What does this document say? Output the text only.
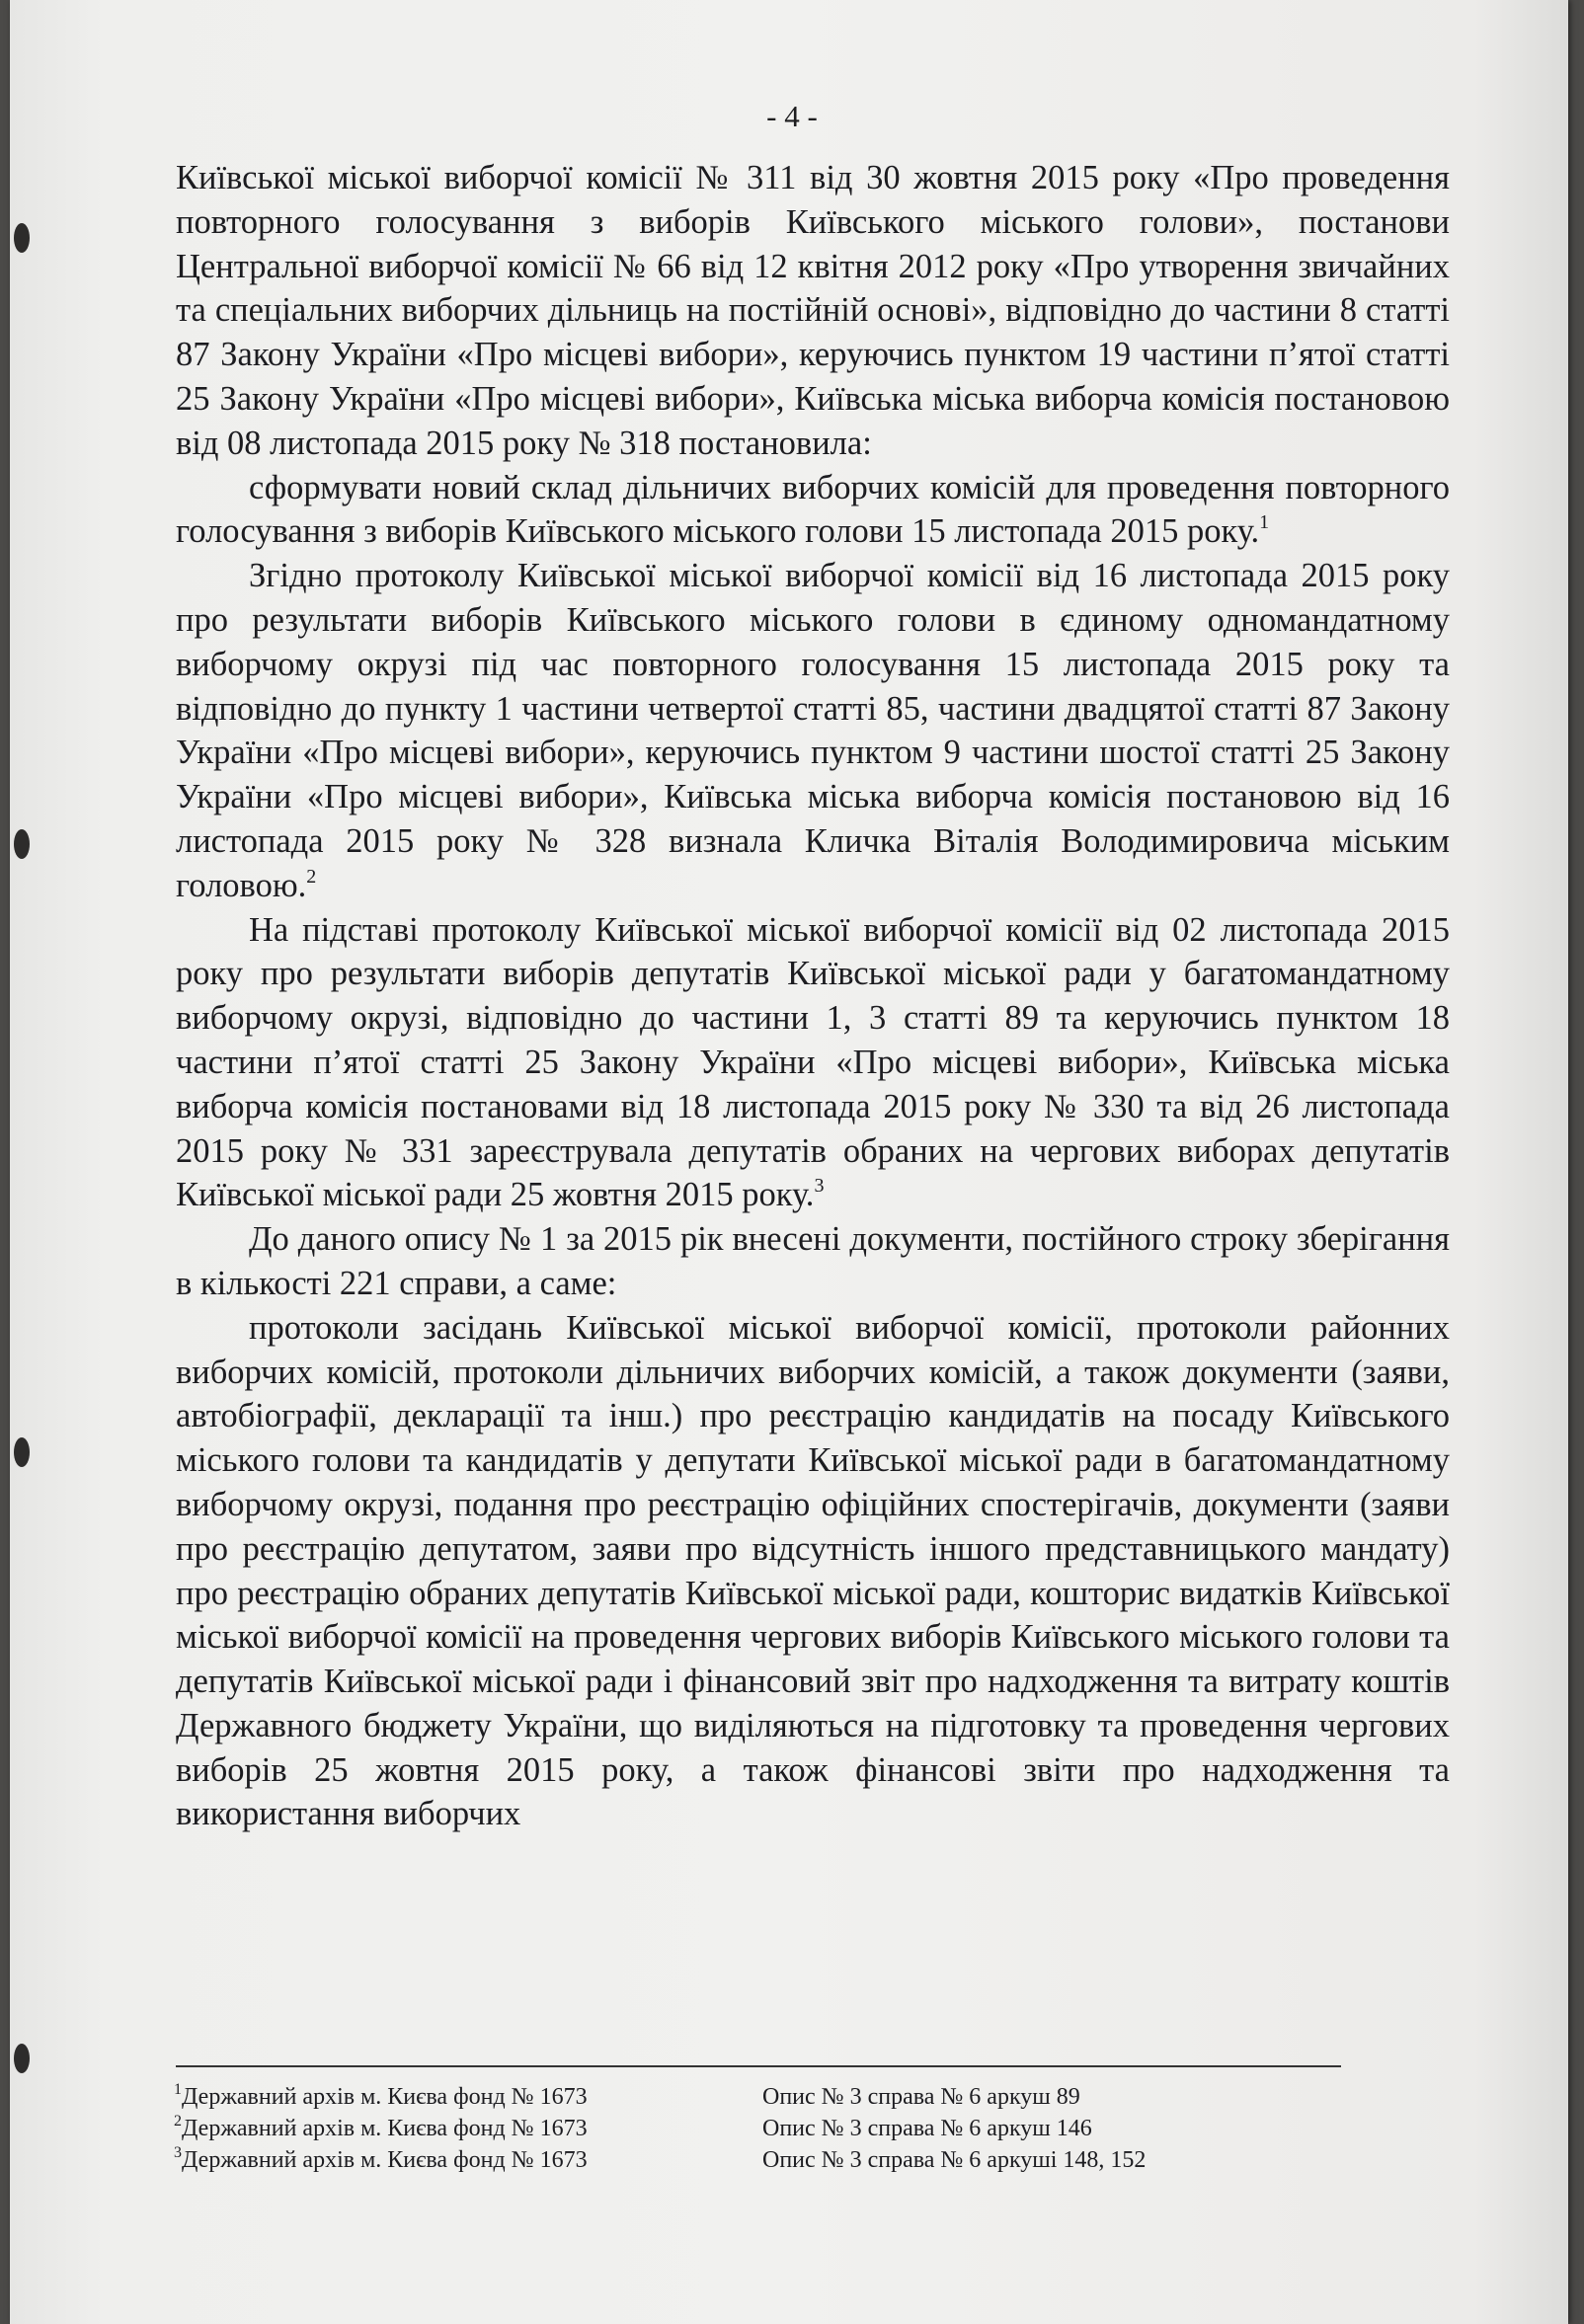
- 4 -

Київської міської виборчої комісії № 311 від 30 жовтня 2015 року «Про проведення повторного голосування з виборів Київського міського голови», постанови Центральної виборчої комісії № 66 від 12 квітня 2012 року «Про утворення звичайних та спеціальних виборчих дільниць на постійній основі», відповідно до частини 8 статті 87 Закону України «Про місцеві вибори», керуючись пунктом 19 частини п’ятої статті 25 Закону України «Про місцеві вибори», Київська міська виборча комісія постановою від 08 листопада 2015 року № 318 постановила:

сформувати новий склад дільничих виборчих комісій для проведення повторного голосування з виборів Київського міського голови 15 листопада 2015 року.$^1$

Згідно протоколу Київської міської виборчої комісії від 16 листопада 2015 року про результати виборів Київського міського голови в єдиному одномандатному виборчому окрузі під час повторного голосування 15 листопада 2015 року та відповідно до пункту 1 частини четвертої статті 85, частини двадцятої статті 87 Закону України «Про місцеві вибори», керуючись пунктом 9 частини шостої статті 25 Закону України «Про місцеві вибори», Київська міська виборча комісія постановою від 16 листопада 2015 року № 328 визнала Кличка Віталія Володимировича міським головою.$^2$

На підставі протоколу Київської міської виборчої комісії від 02 листопада 2015 року про результати виборів депутатів Київської міської ради у багатомандатному виборчому окрузі, відповідно до частини 1, 3 статті 89 та керуючись пунктом 18 частини п’ятої статті 25 Закону України «Про місцеві вибори», Київська міська виборча комісія постановами від 18 листопада 2015 року № 330 та від 26 листопада 2015 року № 331 зареєструвала депутатів обраних на чергових виборах депутатів Київської міської ради 25 жовтня 2015 року.$^3$

До даного опису № 1 за 2015 рік внесені документи, постійного строку зберігання в кількості 221 справи, а саме:

протоколи засідань Київської міської виборчої комісії, протоколи районних виборчих комісій, протоколи дільничих виборчих комісій, а також документи (заяви, автобіографії, декларації та інш.) про реєстрацію кандидатів на посаду Київського міського голови та кандидатів у депутати Київської міської ради в багатомандатному виборчому окрузі, подання про реєстрацію офіційних спостерігачів, документи (заяви про реєстрацію депутатом, заяви про відсутність іншого представницького мандату) про реєстрацію обраних депутатів Київської міської ради, кошторис видатків Київської міської виборчої комісії на проведення чергових виборів Київського міського голови та депутатів Київської міської ради і фінансовий звіт про надходження та витрату коштів Державного бюджету України, що виділяються на підготовку та проведення чергових виборів 25 жовтня 2015 року, а також фінансові звіти про надходження та використання виборчих

$^1$Державний архів м. Києва фонд № 1673	Опис № 3 справа № 6 аркуш 89
$^2$Державний архів м. Києва фонд № 1673	Опис № 3 справа № 6 аркуш 146
$^3$Державний архів м. Києва фонд № 1673	Опис № 3 справа № 6 аркуші 148, 152
